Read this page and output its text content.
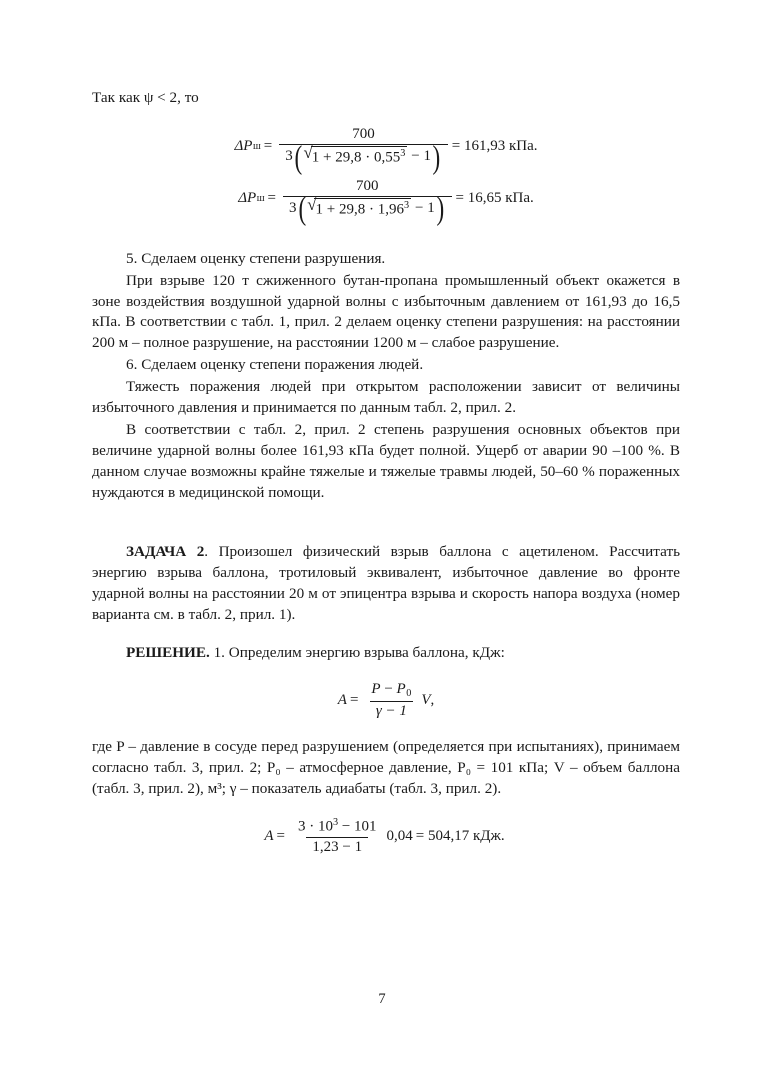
Так как ψ < 2, то
ΔP ш =
700
3 ( √ $1 + 29,8 \cdot 0,55^3 - 1$ ) = 161,93 кПа.
ΔP ш =
700
3 ( √ $1 + 29,8 \cdot 1,96^3 - 1$ ) = 16,65 кПа.
5. Сделаем оценку степени разрушения.
При взрыве 120 т сжиженного бутан-пропана промышленный объект окажется в зоне воздействия воздушной ударной волны с избыточным давлением от 161,93 до 16,5 кПа. В соответствии с табл. 1, прил. 2 делаем оценку степени разрушения: на расстоянии 200 м – полное разрушение, на расстоянии 1200 м – слабое разрушение.
6. Сделаем оценку степени поражения людей.
Тяжесть поражения людей при открытом расположении зависит от величины избыточного давления и принимается по данным табл. 2, прил. 2.
В соответствии с табл. 2, прил. 2 степень разрушения основных объектов при величине ударной волны более 161,93 кПа будет полной. Ущерб от аварии 90 –100 %. В данном случае возможны крайне тяжелые и тяжелые травмы людей, 50–60 % пораженных нуждаются в медицинской помощи.
ЗАДАЧА 2. Произошел физический взрыв баллона с ацетиленом. Рассчитать энергию взрыва баллона, тротиловый эквивалент, избыточное давление во фронте ударной волны на расстоянии 20 м от эпицентра взрыва и скорость напора воздуха (номер варианта см. в табл. 2, прил. 1).
РЕШЕНИЕ. 1. Определим энергию взрыва баллона, кДж:
$A = \frac{P - P_0}{\gamma - 1}$ V ,
где P – давление в сосуде перед разрушением (определяется при испытаниях), принимаем согласно табл. 3, прил. 2; P₀ – атмосферное давление, P₀ = 101 кПа; V – объем баллона (табл. 3, прил. 2), м³; γ – показатель адиабаты (табл. 3, прил. 2).
$A = \frac{3 \cdot 10^3 - 101}{1,23 - 1} 0,04 = 504,17$ кДж.
7
